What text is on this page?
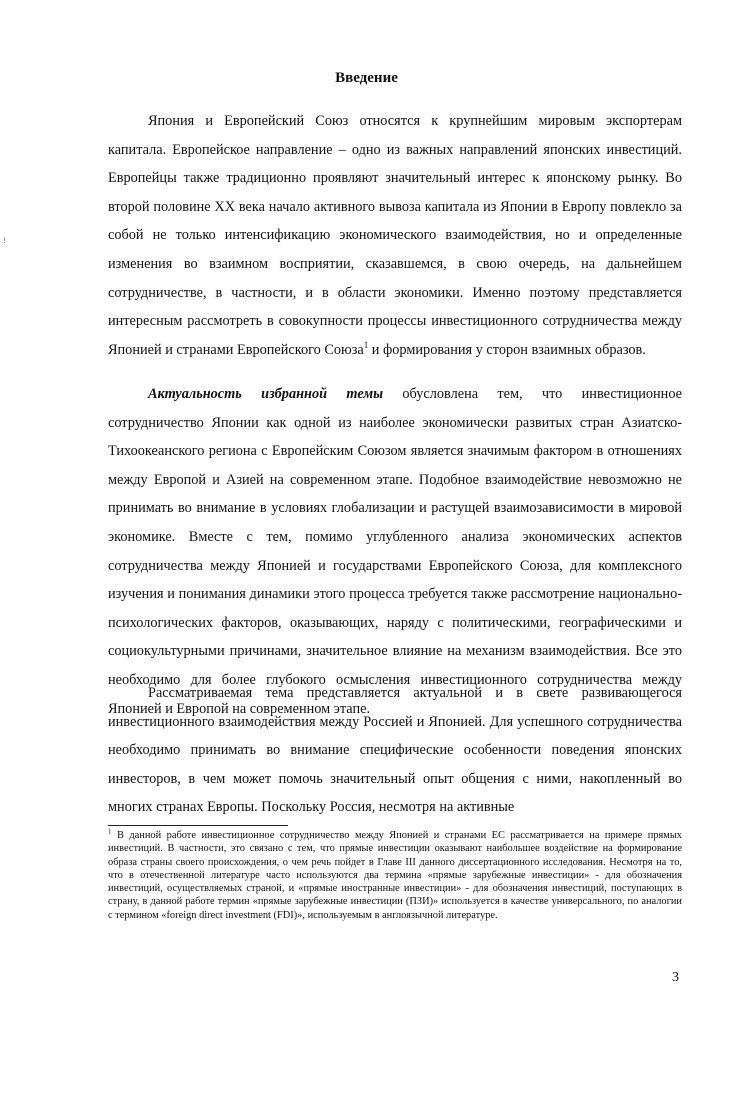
!
Введение

Япония и Европейский Союз относятся к крупнейшим мировым экспортерам капитала. Европейское направление – одно из важных направлений японских инвестиций. Европейцы также традиционно проявляют значительный интерес к японскому рынку. Во второй половине XX века начало активного вывоза капитала из Японии в Европу повлекло за собой не только интенсификацию экономического взаимодействия, но и определенные изменения во взаимном восприятии, сказавшемся, в свою очередь, на дальнейшем сотрудничестве, в частности, и в области экономики. Именно поэтому представляется интересным рассмотреть в совокупности процессы инвестиционного сотрудничества между Японией и странами Европейского Союза$^1$ и формирования у сторон взаимных образов.

Актуальность избранной темы обусловлена тем, что инвестиционное сотрудничество Японии как одной из наиболее экономически развитых стран Азиатско-Тихоокеанского региона с Европейским Союзом является значимым фактором в отношениях между Европой и Азией на современном этапе. Подобное взаимодействие невозможно не принимать во внимание в условиях глобализации и растущей взаимозависимости в мировой экономике. Вместе с тем, помимо углубленного анализа экономических аспектов сотрудничества между Японией и государствами Европейского Союза, для комплексного изучения и понимания динамики этого процесса требуется также рассмотрение национально-психологических факторов, оказывающих, наряду с политическими, географическими и социокультурными причинами, значительное влияние на механизм взаимодействия. Все это необходимо для более глубокого осмысления инвестиционного сотрудничества между Японией и Европой на современном этапе.

Рассматриваемая тема представляется актуальной и в свете развивающегося инвестиционного взаимодействия между Россией и Японией. Для успешного сотрудничества необходимо принимать во внимание специфические особенности поведения японских инвесторов, в чем может помочь значительный опыт общения с ними, накопленный во многих странах Европы. Поскольку Россия, несмотря на активные

$^1$ В данной работе инвестиционное сотрудничество между Японией и странами ЕС рассматривается на примере прямых инвестиций. В частности, это связано с тем, что прямые инвестиции оказывают наибольшее воздействие на формирование образа страны своего происхождения, о чем речь пойдет в Главе III данного диссертационного исследования. Несмотря на то, что в отечественной литературе часто используются два термина «прямые зарубежные инвестиции» - для обозначения инвестиций, осуществляемых страной, и «прямые иностранные инвестиции» - для обозначения инвестиций, поступающих в страну, в данной работе термин «прямые зарубежные инвестиции (ПЗИ)» используется в качестве универсального, по аналогии с термином «foreign direct investment (FDI)», используемым в англоязычной литературе.

3
